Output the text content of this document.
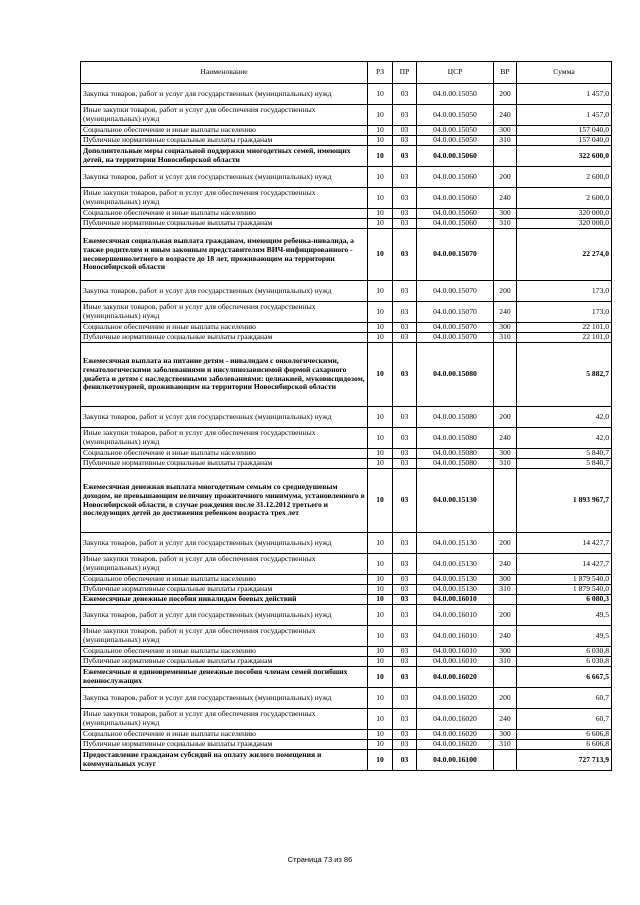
Наименование	РЗ	ПР	ЦСР	ВР	Сумма
Закупка товаров, работ и услуг для государственных (муниципальных) нужд	10	03	04.0.00.15050	200	1 457,0
Иные закупки товаров, работ и услуг для обеспечения государственных (муниципальных) нужд	10	03	04.0.00.15050	240	1 457,0
Социальное обеспечение и иные выплаты населению	10	03	04.0.00.15050	300	157 040,0
Публичные нормативные социальные выплаты гражданам	10	03	04.0.00.15050	310	157 040,0
Дополнительные меры социальной поддержки многодетных семей, имеющих детей, на территории Новосибирской области	10	03	04.0.00.15060		322 600,0
Закупка товаров, работ и услуг для государственных (муниципальных) нужд	10	03	04.0.00.15060	200	2 600,0
Иные закупки товаров, работ и услуг для обеспечения государственных (муниципальных) нужд	10	03	04.0.00.15060	240	2 600,0
Социальное обеспечение и иные выплаты населению	10	03	04.0.00.15060	300	320 000,0
Публичные нормативные социальные выплаты гражданам	10	03	04.0.00.15060	310	320 000,0
Ежемесячная социальная выплата гражданам, имеющим ребенка-инвалида, а также родителям и иным законным представителям ВИЧ-инфицированного - несовершеннолетнего в возрасте до 18 лет, проживающим на территории Новосибирской области	10	03	04.0.00.15070		22 274,0
Закупка товаров, работ и услуг для государственных (муниципальных) нужд	10	03	04.0.00.15070	200	173,0
Иные закупки товаров, работ и услуг для обеспечения государственных (муниципальных) нужд	10	03	04.0.00.15070	240	173,0
Социальное обеспечение и иные выплаты населению	10	03	04.0.00.15070	300	22 101,0
Публичные нормативные социальные выплаты гражданам	10	03	04.0.00.15070	310	22 101,0
Ежемесячная выплата на питание детям - инвалидам с онкологическими, гематологическими заболеваниями и инсулинозависимой формой сахарного диабета и детям с наследственными заболеваниями: целиакией, муковисцидозом, фенилкетонурией, проживающим на территории Новосибирской области	10	03	04.0.00.15080		5 882,7
Закупка товаров, работ и услуг для государственных (муниципальных) нужд	10	03	04.0.00.15080	200	42,0
Иные закупки товаров, работ и услуг для обеспечения государственных (муниципальных) нужд	10	03	04.0.00.15080	240	42,0
Социальное обеспечение и иные выплаты населению	10	03	04.0.00.15080	300	5 840,7
Публичные нормативные социальные выплаты гражданам	10	03	04.0.00.15080	310	5 840,7
Ежемесячная денежная выплата многодетным семьям со среднедушевым доходом, не превышающим величину прожиточного минимума, установленного в Новосибирской области, в случае рождения после 31.12.2012 третьего и последующих детей до достижения ребенком возраста трех лет	10	03	04.0.00.15130		1 893 967,7
Закупка товаров, работ и услуг для государственных (муниципальных) нужд	10	03	04.0.00.15130	200	14 427,7
Иные закупки товаров, работ и услуг для обеспечения государственных (муниципальных) нужд	10	03	04.0.00.15130	240	14 427,7
Социальное обеспечение и иные выплаты населению	10	03	04.0.00.15130	300	1 879 540,0
Публичные нормативные социальные выплаты гражданам	10	03	04.0.00.15130	310	1 879 540,0
Ежемесячные денежные пособия инвалидам боевых действий	10	03	04.0.00.16010		6 080,3
Закупка товаров, работ и услуг для государственных (муниципальных) нужд	10	03	04.0.00.16010	200	49,5
Иные закупки товаров, работ и услуг для обеспечения государственных (муниципальных) нужд	10	03	04.0.00.16010	240	49,5
Социальное обеспечение и иные выплаты населению	10	03	04.0.00.16010	300	6 030,8
Публичные нормативные социальные выплаты гражданам	10	03	04.0.00.16010	310	6 030,8
Ежемесячные и единовременные денежные пособия членам семей погибших военнослужащих	10	03	04.0.00.16020		6 667,5
Закупка товаров, работ и услуг для государственных (муниципальных) нужд	10	03	04.0.00.16020	200	60,7
Иные закупки товаров, работ и услуг для обеспечения государственных (муниципальных) нужд	10	03	04.0.00.16020	240	60,7
Социальное обеспечение и иные выплаты населению	10	03	04.0.00.16020	300	6 606,8
Публичные нормативные социальные выплаты гражданам	10	03	04.0.00.16020	310	6 606,8
Предоставление гражданам субсидий на оплату жилого помещения и коммунальных услуг	10	03	04.0.00.16100		727 713,9
Страница 73 из 86
